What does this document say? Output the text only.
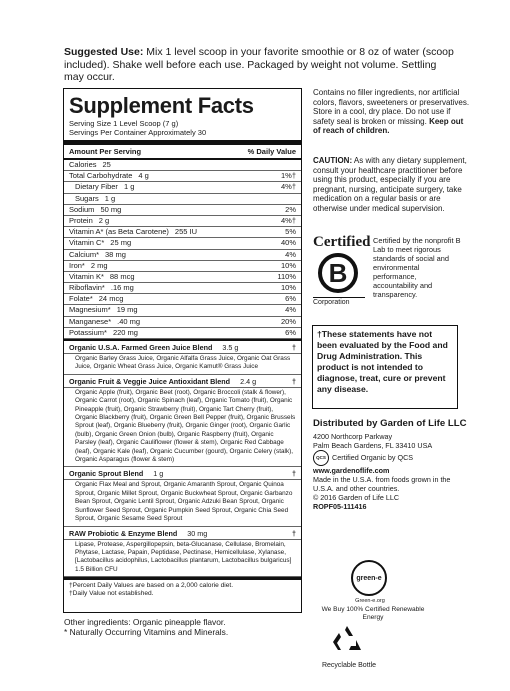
Suggested Use: Mix 1 level scoop in your favorite smoothie or 8 oz of water (scoop included). Shake well before each use. Packaged by weight not volume. Settling may occur.
Supplement Facts
Serving Size 1 Level Scoop (7 g)
Servings Per Container Approximately 30
Amount Per Serving	% Daily Value
Calories 25
Total Carbohydrate 4 g	1%†
Dietary Fiber 1 g	4%†
Sugars 1 g
Sodium 50 mg	2%
Protein 2 g	4%†
Vitamin A* (as Beta Carotene) 255 IU	5%
Vitamin C* 25 mg	40%
Calcium* 38 mg	4%
Iron* 2 mg	10%
Vitamin K* 88 mcg	110%
Riboflavin* .16 mg	10%
Folate* 24 mcg	6%
Magnesium* 19 mg	4%
Manganese* .40 mg	20%
Potassium* 220 mg	6%
Organic U.S.A. Farmed Green Juice Blend 3.5 g	†
Organic Barley Grass Juice, Organic Alfalfa Grass Juice, Organic Oat Grass Juice, Organic Wheat Grass Juice, Organic Kamut® Grass Juice
Organic Fruit & Veggie Juice Antioxidant Blend 2.4 g	†
Organic Apple (fruit), Organic Beet (root), Organic Broccoli (stalk & flower), Organic Carrot (root), Organic Spinach (leaf), Organic Tomato (fruit), Organic Pineapple (fruit), Organic Strawberry (fruit), Organic Tart Cherry (fruit), Organic Blackberry (fruit), Organic Green Bell Pepper (fruit), Organic Brussels Sprout (leaf), Organic Blueberry (fruit), Organic Ginger (root), Organic Garlic (bulb), Organic Green Onion (bulb), Organic Raspberry (fruit), Organic Parsley (leaf), Organic Cauliflower (flower & stem), Organic Red Cabbage (leaf), Organic Kale (leaf), Organic Cucumber (gourd), Organic Celery (stalk), Organic Asparagus (flower & stem)
Organic Sprout Blend 1 g	†
Organic Flax Meal and Sprout, Organic Amaranth Sprout, Organic Quinoa Sprout, Organic Millet Sprout, Organic Buckwheat Sprout, Organic Garbanzo Bean Sprout, Organic Lentil Sprout, Organic Adzuki Bean Sprout, Organic Sunflower Seed Sprout, Organic Pumpkin Seed Sprout, Organic Chia Seed Sprout, Organic Sesame Seed Sprout
RAW Probiotic & Enzyme Blend 30 mg	†
Lipase, Protease, Aspergillopepsin, beta-Glucanase, Cellulase, Bromelain, Phytase, Lactase, Papain, Peptidase, Pectinase, Hemicellulase, Xylanase, [Lactobacillus acidophilus, Lactobacillus plantarum, Lactobacillus bulgaricus] 1.5 Billion CFU
†Percent Daily Values are based on a 2,000 calorie diet.
†Daily Value not established.
Other ingredients: Organic pineapple flavor.
* Naturally Occurring Vitamins and Minerals.
Contains no filler ingredients, nor artificial colors, flavors, sweeteners or preservatives. Store in a cool, dry place. Do not use if safety seal is broken or missing. Keep out of reach of children.
CAUTION: As with any dietary supplement, consult your healthcare practitioner before using this product, especially if you are pregnant, nursing, anticipate surgery, take medication on a regular basis or are otherwise under medical supervision.
Certified
B
Corporation
Certified by the nonprofit B Lab to meet rigorous standards of social and environmental performance, accountability and transparency.
†These statements have not been evaluated by the Food and Drug Administration. This product is not intended to diagnose, treat, cure or prevent any disease.
Distributed by Garden of Life LLC
4200 Northcorp Parkway
Palm Beach Gardens, FL 33410 USA
QCS Certified Organic by QCS
www.gardenoflife.com
Made in the U.S.A. from foods grown in the U.S.A. and other countries.
© 2016 Garden of Life LLC
ROPF05-111416
green-e
Green-e.org
We Buy 100% Certified Renewable Energy
Recyclable Bottle
